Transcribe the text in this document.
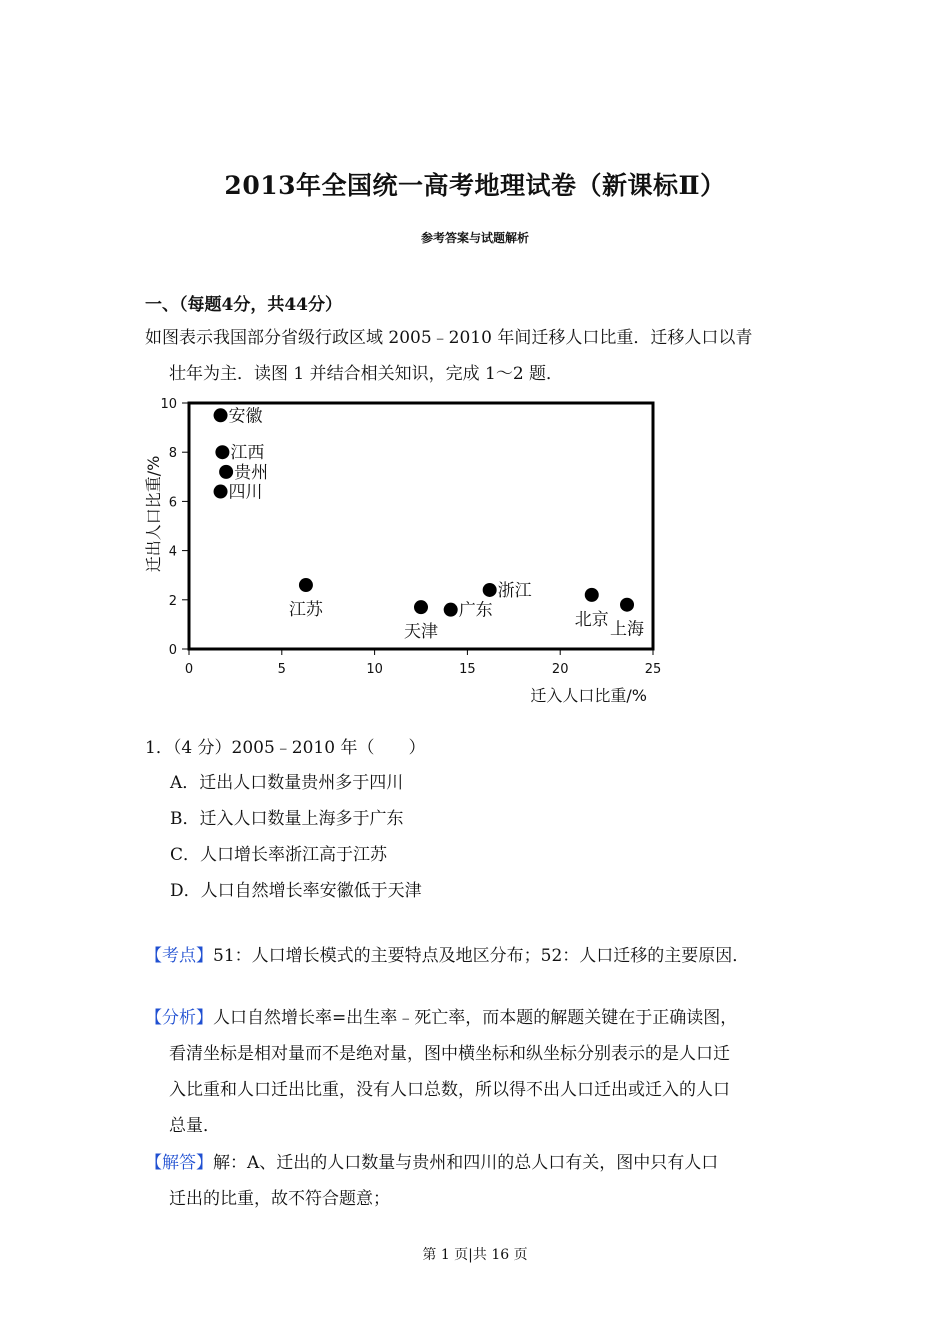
2013年全国统一高考地理试卷（新课标Ⅱ）
参考答案与试题解析
一、（每题4分，共44分）
如图表示我国部分省级行政区域 2005﹣2010 年间迁移人口比重．迁移人口以青
壮年为主．读图 1 并结合相关知识，完成 1～2 题．
0
2
4
6
8
10
0	5	10	15	20	25
迁入人口比重/%
迁出人口比重/%
安徽
江西
贵州
四川
江苏
天津
广东
浙江
北京 上海
1．（4 分）2005﹣2010 年（　　）
A．迁出人口数量贵州多于四川
B．迁入人口数量上海多于广东
C．人口增长率浙江高于江苏
D．人口自然增长率安徽低于天津
【考点】51：人口增长模式的主要特点及地区分布；52：人口迁移的主要原因．
【分析】人口自然增长率=出生率﹣死亡率，而本题的解题关键在于正确读图，
看清坐标是相对量而不是绝对量，图中横坐标和纵坐标分别表示的是人口迁
入比重和人口迁出比重，没有人口总数，所以得不出人口迁出或迁入的人口
总量．
【解答】解：A、迁出的人口数量与贵州和四川的总人口有关，图中只有人口
迁出的比重，故不符合题意；
第 1 页|共 16 页
